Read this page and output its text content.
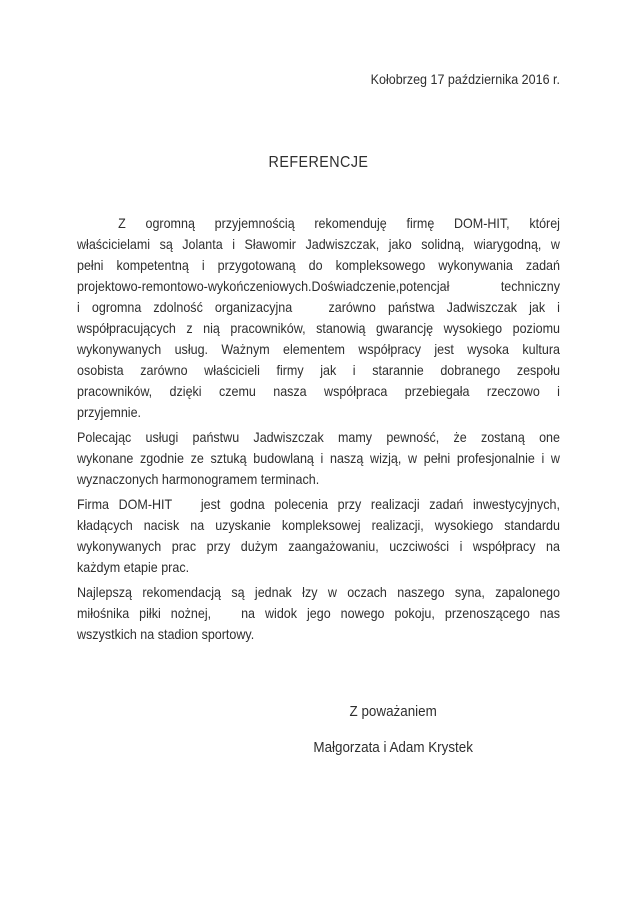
Kołobrzeg 17 października 2016 r.
REFERENCJE
Z ogromną przyjemnością rekomenduję firmę DOM-HIT, której
właścicielami są Jolanta i Sławomir Jadwiszczak, jako solidną, wiarygodną, w
pełni kompetentną i przygotowaną do kompleksowego wykonywania zadań
projektowo-remontowo-wykończeniowych.Doświadczenie,potencjał techniczny
i ogromna zdolność organizacyjna   zarówno państwa Jadwiszczak jak i
współpracujących z nią pracowników, stanowią gwarancję wysokiego poziomu
wykonywanych usług. Ważnym elementem współpracy jest wysoka kultura
osobista zarówno właścicieli firmy jak i starannie dobranego zespołu
pracowników, dzięki czemu nasza współpraca przebiegała rzeczowo i
przyjemnie.
Polecając usługi państwu Jadwiszczak mamy pewność, że zostaną one
wykonane zgodnie ze sztuką budowlaną i naszą wizją, w pełni profesjonalnie i w
wyznaczonych harmonogramem terminach.
Firma DOM-HIT   jest godna polecenia przy realizacji zadań inwestycyjnych,
kładących nacisk na uzyskanie kompleksowej realizacji, wysokiego standardu
wykonywanych prac przy dużym zaangażowaniu, uczciwości i współpracy na
każdym etapie prac.
Najlepszą rekomendacją są jednak łzy w oczach naszego syna, zapalonego
miłośnika piłki nożnej,   na widok jego nowego pokoju, przenoszącego nas
wszystkich na stadion sportowy.
Z poważaniem
Małgorzata i Adam Krystek
